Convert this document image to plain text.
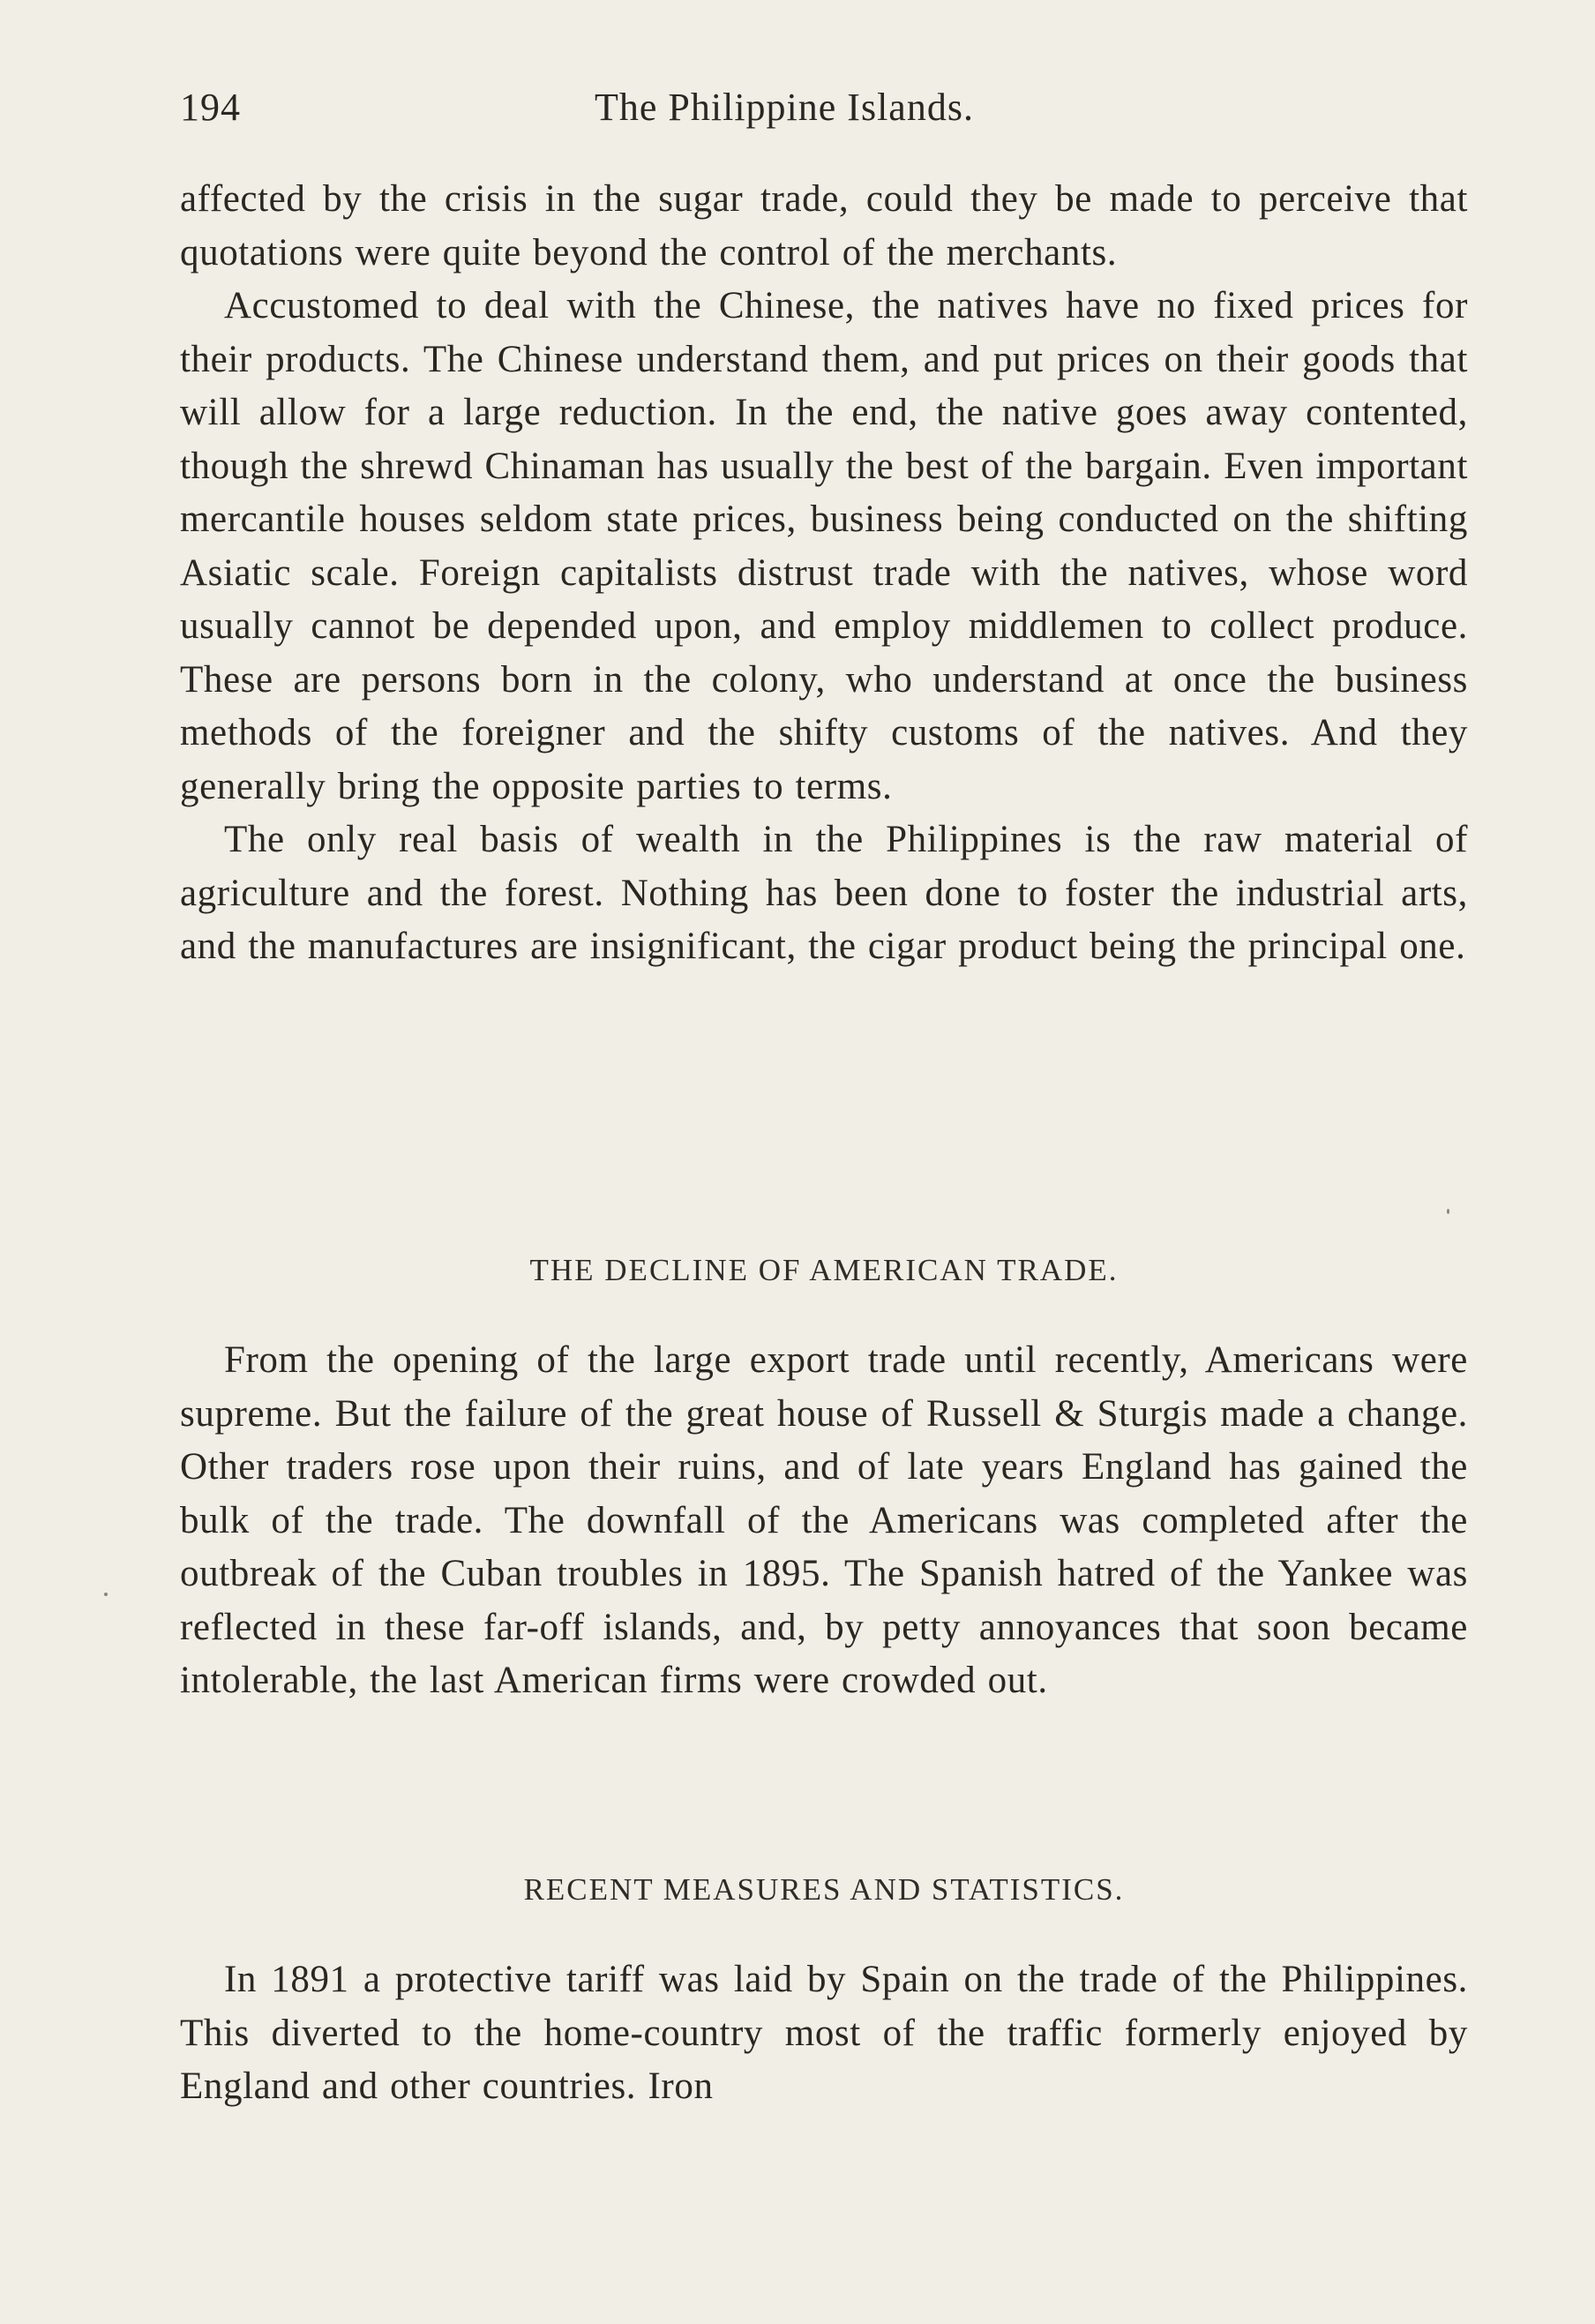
194	The Philippine Islands.

affected by the crisis in the sugar trade, could they be made to perceive that quotations were quite beyond the control of the merchants.

Accustomed to deal with the Chinese, the natives have no fixed prices for their products. The Chinese understand them, and put prices on their goods that will allow for a large reduction. In the end, the native goes away contented, though the shrewd Chinaman has usually the best of the bargain. Even important mercantile houses seldom state prices, business being conducted on the shifting Asiatic scale. Foreign capitalists distrust trade with the natives, whose word usually cannot be depended upon, and employ middlemen to collect produce. These are persons born in the colony, who understand at once the business methods of the foreigner and the shifty customs of the natives. And they generally bring the opposite parties to terms.

The only real basis of wealth in the Philippines is the raw material of agriculture and the forest. Nothing has been done to foster the industrial arts, and the manufactures are insignificant, the cigar product being the principal one.

THE DECLINE OF AMERICAN TRADE.

From the opening of the large export trade until recently, Americans were supreme. But the failure of the great house of Russell & Sturgis made a change. Other traders rose upon their ruins, and of late years England has gained the bulk of the trade. The downfall of the Americans was completed after the outbreak of the Cuban troubles in 1895. The Spanish hatred of the Yankee was reflected in these far-off islands, and, by petty annoyances that soon became intolerable, the last American firms were crowded out.

RECENT MEASURES AND STATISTICS.

In 1891 a protective tariff was laid by Spain on the trade of the Philippines. This diverted to the home-country most of the traffic formerly enjoyed by England and other countries. Iron
